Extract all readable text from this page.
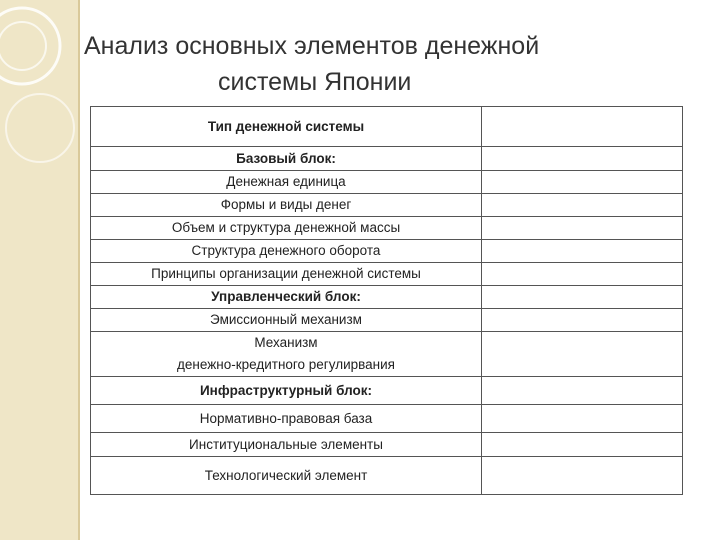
Анализ основных элементов денежной
системы Японии
Тип денежной системы	

Базовый блок:	

Денежная единица	

Формы и виды денег	

Объем и структура денежной массы	

Структура денежного оборота	

Принципы организации денежной системы	

Управленческий блок:	

Эмиссионный механизм	

Механизм
денежно-кредитного регулирвания	

Инфраструктурный блок:	

Нормативно-правовая база	

Институциональные элементы	

Технологический элемент	
